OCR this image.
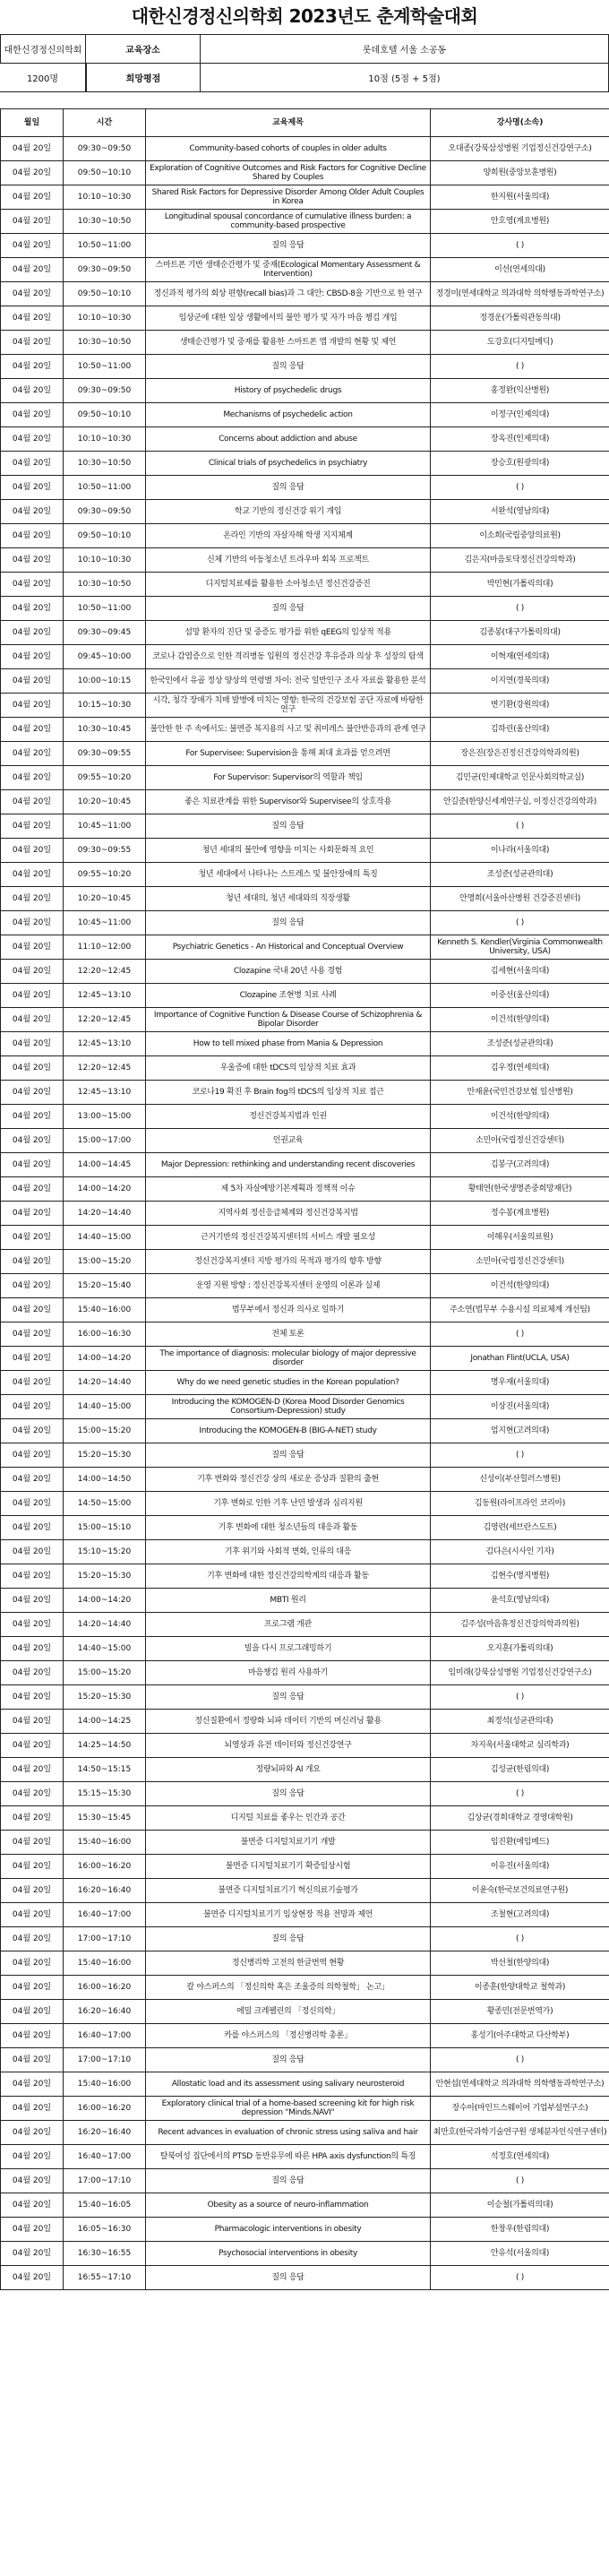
대한신경정신의학회 2023년도 춘계학술대회
대한신경정신의학회	교육장소	롯데호텔 서울 소공동
1200명	희망평점	10점 (5점 + 5점)
월일	시간	교육제목	강사명(소속)
04월 20일	09:30~09:50	Community-based cohorts of couples in older adults	오대종(강북삼성병원 기업정신건강연구소)
04월 20일	09:50~10:10	Exploration of Cognitive Outcomes and Risk Factors for Cognitive Decline Shared by Couples	양희원(중앙보훈병원)
04월 20일	10:10~10:30	Shared Risk Factors for Depressive Disorder Among Older Adult Couples in Korea	한지원(서울의대)
04월 20일	10:30~10:50	Longitudinal spousal concordance of cumulative illness burden: a community-based prospective	안호영(계요병원)
04월 20일	10:50~11:00	질의 응답	( )
04월 20일	09:30~09:50	스마트폰 기반 생태순간평가 및 중재(Ecological Momentary Assessment & Intervention)	이선(연세의대)
04월 20일	09:50~10:10	정신과적 평가의 회상 편향(recall bias)과 그 대안: CBSD-8을 기반으로 한 연구	정경미(연세대학교 의과대학 의학행동과학연구소)
04월 20일	10:10~10:30	임상군에 대한 일상 생활에서의 불안 평가 및 자가 마음 챙김 개입	정경운(가톨릭관동의대)
04월 20일	10:30~10:50	생태순간평가 및 중재를 활용한 스마트폰 앱 개발의 현황 및 제언	도강호(디지털메딕)
04월 20일	10:50~11:00	질의 응답	( )
04월 20일	09:30~09:50	History of psychedelic drugs	홍정완(익산병원)
04월 20일	09:50~10:10	Mechanisms of psychedelic action	이정구(인제의대)
04월 20일	10:10~10:30	Concerns about addiction and abuse	장옥진(인제의대)
04월 20일	10:30~10:50	Clinical trials of psychedelics in psychiatry	장승호(원광의대)
04월 20일	10:50~11:00	질의 응답	( )
04월 20일	09:30~09:50	학교 기반의 정신건강 위기 개입	서완석(영남의대)
04월 20일	09:50~10:10	온라인 기반의 자살자해 학생 지지체계	이소희(국립중앙의료원)
04월 20일	10:10~10:30	신체 기반의 아동청소년 트라우마 회복 프로젝트	김은지(마음토닥정신건강의학과)
04월 20일	10:30~10:50	디지털치료제를 활용한 소아청소년 정신건강증진	박민현(가톨릭의대)
04월 20일	10:50~11:00	질의 응답	( )
04월 20일	09:30~09:45	섬망 환자의 진단 및 중증도 평가를 위한 qEEG의 임상적 적용	김종봉(대구가톨릭의대)
04월 20일	09:45~10:00	코로나 감염증으로 인한 격리병동 입원의 정신건강 후유증과 의상 후 성장의 탐색	이혁재(연세의대)
04월 20일	10:00~10:15	한국인에서 유골 정상 양상의 연령별 차이: 전국 일반인구 조사 자료를 활용한 분석	이지연(경북의대)
04월 20일	10:15~10:30	시각, 청각 장애가 치매 발병에 미치는 영향: 한국의 건강보험 공단 자료에 바탕한 연구	변기환(강원의대)
04월 20일	10:30~10:45	불안한 한 주 속에서도: 불면증 복지용의 사고 및 취미레스 불안반응과의 관계 연구	김하린(울산의대)
04월 20일	09:30~09:55	For Supervisee: Supervision을 통해 최대 효과를 얻으려면	장은진(장은진정신건강의학과의원)
04월 20일	09:55~10:20	For Supervisor: Supervisor의 역할과 책임	김민균(인제대학교 인문사회의학교실)
04월 20일	10:20~10:45	좋은 치료관계를 위한 Supervisor와 Supervisee의 상호작용	안길준(한양신세계연구실, 이정신건강의학과)
04월 20일	10:45~11:00	질의 응답	( )
04월 20일	09:30~09:55	청년 세대의 불안에 영향을 미치는 사회문화적 요인	이나라(서울의대)
04월 20일	09:55~10:20	청년 세대에서 나타나는 스트레스 및 불안장애의 특징	조성준(성균관의대)
04월 20일	10:20~10:45	청년 세대의, 청년 세대와의 직장생활	안명희(서울아산병원 건강증진센터)
04월 20일	10:45~11:00	질의 응답	( )
04월 20일	11:10~12:00	Psychiatric Genetics - An Historical and Conceptual Overview	Kenneth S. Kendler(Virginia Commonwealth University, USA)
04월 20일	12:20~12:45	Clozapine 국내 20년 사용 경험	김세현(서울의대)
04월 20일	12:45~13:10	Clozapine 조현병 치료 사례	이중선(울산의대)
04월 20일	12:20~12:45	Importance of Cognitive Function & Disease Course of Schizophrenia & Bipolar Disorder	이건석(한양의대)
04월 20일	12:45~13:10	How to tell mixed phase from Mania & Depression	조성준(성균관의대)
04월 20일	12:20~12:45	우울증에 대한 tDCS의 임상적 치료 효과	김우정(연세의대)
04월 20일	12:45~13:10	코로나19 확진 후 Brain fog의 tDCS의 임상적 치료 접근	안재윤(국민건강보험 일산병원)
04월 20일	13:00~15:00	정신건강복지법과 인권	이건석(한양의대)
04월 20일	15:00~17:00	인권교육	소민아(국립정신건강센터)
04월 20일	14:00~14:45	Major Depression: rethinking and understanding recent discoveries	김봉구(고려의대)
04월 20일	14:00~14:20	제 5차 자살예방기본계획과 정책적 이슈	황태연(한국생명존중희망재단)
04월 20일	14:20~14:40	지역사회 정신응급체계와 정신건강복지법	정수봉(계요병원)
04월 20일	14:40~15:00	근거기반의 정신건강복지센터의 서비스 개발 필요성	이해우(서울의료원)
04월 20일	15:00~15:20	정신건강복지센터 지방 평가의 목적과 평가의 향후 방향	소민아(국립정신건강센터)
04월 20일	15:20~15:40	운영 지원 방향 : 정신건강복지센터 운영의 이론과 실제	이건석(한양의대)
04월 20일	15:40~16:00	법무부에서 정신과 의사로 일하기	주소연(법무부 수용시설 의료체계 개선팀)
04월 20일	16:00~16:30	전체 토론	( )
04월 20일	14:00~14:20	The importance of diagnosis: molecular biology of major depressive disorder	Jonathan Flint(UCLA, USA)
04월 20일	14:20~14:40	Why do we need genetic studies in the Korean population?	명우재(서울의대)
04월 20일	14:40~15:00	Introducing the KOMOGEN-D (Korea Mood Disorder Genomics Consortium-Depression) study	이상진(서울의대)
04월 20일	15:00~15:20	Introducing the KOMOGEN-B (BIG-A-NET) study	엄지현(고려의대)
04월 20일	15:20~15:30	질의 응답	( )
04월 20일	14:00~14:50	기후 변화와 정신건강 상의 새로운 증상과 질환의 출현	신성이(부산힐러스병원)
04월 20일	14:50~15:00	기후 변화로 인한 기후 난민 발생과 심리지원	김동원(라이프라인 코리아)
04월 20일	15:00~15:10	기후 변화에 대한 청소년들의 대응과 활동	김영련(세브란스도트)
04월 20일	15:10~15:20	기후 위기와 사회적 변화, 인류의 대응	김다은(시사인 기자)
04월 20일	15:20~15:30	기후 변화에 대한 정신건강의학계의 대응과 활동	김현수(명지병원)
04월 20일	14:00~14:20	MBTI 원리	윤석호(영남의대)
04월 20일	14:20~14:40	프로그램 개관	김주성(마음휴정신건강의학과의원)
04월 20일	14:40~15:00	빌을 다시 프로그래밍하기	오지훈(가톨릭의대)
04월 20일	15:00~15:20	마음챙김 원리 사용하기	임미래(강북삼성병원 기업정신건강연구소)
04월 20일	15:20~15:30	질의 응답	( )
04월 20일	14:00~14:25	정신질환에서 정량화 뇌파 데이터 기반의 머신러닝 활용	최정석(성균관의대)
04월 20일	14:25~14:50	뇌영상과 유전 데이터와 정신건강연구	차지욱(서울대학교 심리학과)
04월 20일	14:50~15:15	정량뇌파와 AI 개요	김성균(한림의대)
04월 20일	15:15~15:30	질의 응답	( )
04월 20일	15:30~15:45	디지털 치료를 좋우는 인간과 공간	김상균(경희대학교 경영대학원)
04월 20일	15:40~16:00	불면증 디지털치료기기 개발	임진환(에임메드)
04월 20일	16:00~16:20	불면증 디지털치료기기 확증임상시험	이유진(서울의대)
04월 20일	16:20~16:40	불면증 디지털치료기기 혁신의료기술평가	이윤숙(한국보건의료연구원)
04월 20일	16:40~17:00	불면증 디지털치료기기 임상현장 적용 전망과 제언	조철현(고려의대)
04월 20일	17:00~17:10	질의 응답	( )
04월 20일	15:40~16:00	정신병리학 고전의 한글번역 현황	박선철(한양의대)
04월 20일	16:00~16:20	칼 야스퍼스의 「정신의학 혹은 조울증의 의학철학」 논고」	이종훈(한양대학교 철학과)
04월 20일	16:20~16:40	에밀 크레펠린의 「정신의학」	황종민(전문번역가)
04월 20일	16:40~17:00	카를 야스퍼스의 「정신병리학 총론」	홍성기(아주대학교 다산학부)
04월 20일	17:00~17:10	질의 응답	( )
04월 20일	15:40~16:00	Allostatic load and its assessment using salivary neurosteroid	안현섭(연세대학교 의과대학 의학행동과학연구소)
04월 20일	16:00~16:20	Exploratory clinical trial of a home-based screening kit for high risk depression "Minds.NAVI"	장수아(마인드스웨이어 기업부설연구소)
04월 20일	16:20~16:40	Recent advances in evaluation of chronic stress using saliva and hair	최만호(한국과학기술연구원 생체분자인식연구센터)
04월 20일	16:40~17:00	탈북여성 집단에서의 PTSD 동반유무에 따른 HPA axis dysfunction의 특징	석정호(연세의대)
04월 20일	17:00~17:10	질의 응답	( )
04월 20일	15:40~16:05	Obesity as a source of neuro-inflammation	이승철(가톨릭의대)
04월 20일	16:05~16:30	Pharmacologic interventions in obesity	한창우(한림의대)
04월 20일	16:30~16:55	Psychosocial interventions in obesity	안유석(서울의대)
04월 20일	16:55~17:10	질의 응답	( )
